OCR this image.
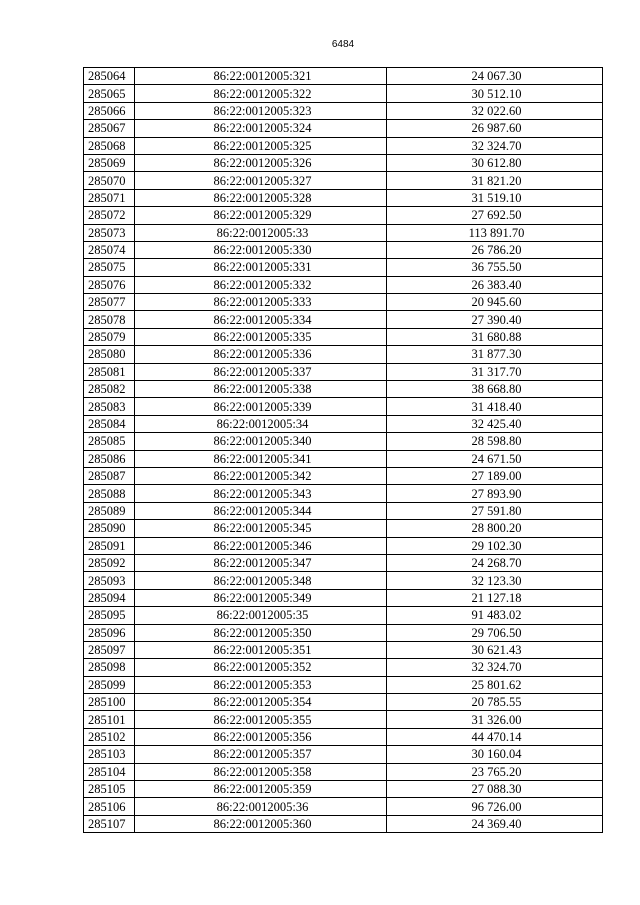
6484
285064	86:22:0012005:321	24 067.30
285065	86:22:0012005:322	30 512.10
285066	86:22:0012005:323	32 022.60
285067	86:22:0012005:324	26 987.60
285068	86:22:0012005:325	32 324.70
285069	86:22:0012005:326	30 612.80
285070	86:22:0012005:327	31 821.20
285071	86:22:0012005:328	31 519.10
285072	86:22:0012005:329	27 692.50
285073	86:22:0012005:33	113 891.70
285074	86:22:0012005:330	26 786.20
285075	86:22:0012005:331	36 755.50
285076	86:22:0012005:332	26 383.40
285077	86:22:0012005:333	20 945.60
285078	86:22:0012005:334	27 390.40
285079	86:22:0012005:335	31 680.88
285080	86:22:0012005:336	31 877.30
285081	86:22:0012005:337	31 317.70
285082	86:22:0012005:338	38 668.80
285083	86:22:0012005:339	31 418.40
285084	86:22:0012005:34	32 425.40
285085	86:22:0012005:340	28 598.80
285086	86:22:0012005:341	24 671.50
285087	86:22:0012005:342	27 189.00
285088	86:22:0012005:343	27 893.90
285089	86:22:0012005:344	27 591.80
285090	86:22:0012005:345	28 800.20
285091	86:22:0012005:346	29 102.30
285092	86:22:0012005:347	24 268.70
285093	86:22:0012005:348	32 123.30
285094	86:22:0012005:349	21 127.18
285095	86:22:0012005:35	91 483.02
285096	86:22:0012005:350	29 706.50
285097	86:22:0012005:351	30 621.43
285098	86:22:0012005:352	32 324.70
285099	86:22:0012005:353	25 801.62
285100	86:22:0012005:354	20 785.55
285101	86:22:0012005:355	31 326.00
285102	86:22:0012005:356	44 470.14
285103	86:22:0012005:357	30 160.04
285104	86:22:0012005:358	23 765.20
285105	86:22:0012005:359	27 088.30
285106	86:22:0012005:36	96 726.00
285107	86:22:0012005:360	24 369.40
